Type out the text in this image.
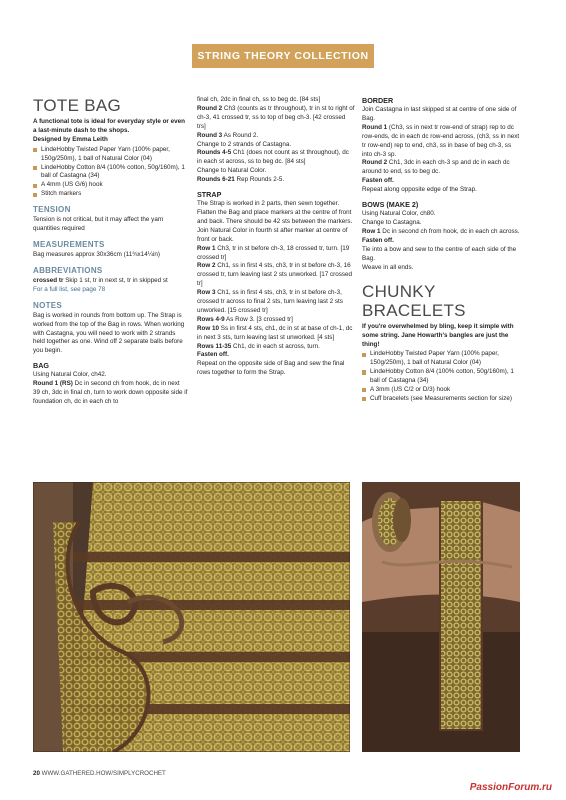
STRING THEORY COLLECTION
TOTE BAG

A functional tote is ideal for everyday style or even a last-minute dash to the shops.

Designed by Emma Leith

LindeHobby Twisted Paper Yarn (100% paper, 150g/250m), 1 ball of Natural Color (04)
LindeHobby Cotton 8/4 (100% cotton, 50g/160m), 1 ball of Castagna (34)
A 4mm (US G/6) hook
Stitch markers
TENSION

Tension is not critical, but it may affect the yarn quantities required

MEASUREMENTS

Bag measures approx 30x36cm (11¾x14¼in)

ABBREVIATIONS

crossed tr Skip 1 st, tr in next st, tr in skipped st

For a full list, see page 78

NOTES

Bag is worked in rounds from bottom up. The Strap is worked from the top of the Bag in rows. When working with Castagna, you will need to work with 2 strands held together as one. Wind off 2 separate balls before you begin.

BAG

Using Natural Color, ch42.

Round 1 (RS) Dc in second ch from hook, dc in next 39 ch, 3dc in final ch, turn to work down opposite side if foundation ch, dc in each ch to

final ch, 2dc in final ch, ss to beg dc. [84 sts]

Round 2 Ch3 (counts as tr throughout), tr in st to right of ch-3, 41 crossed tr, ss to top of beg ch-3. [42 crossed trs]

Round 3 As Round 2.

Change to 2 strands of Castagna.

Rounds 4-5 Ch1 (does not count as st throughout), dc in each st across, ss to beg dc. [84 sts]

Change to Natural Color.

Rounds 6-21 Rep Rounds 2-5.

STRAP

The Strap is worked in 2 parts, then sewn together. Flatten the Bag and place markers at the centre of front and back. There should be 42 sts between the markers.

Join Natural Color in fourth st after marker at centre of front or back.

Row 1 Ch3, tr in st before ch-3, 18 crossed tr, turn. [19 crossed tr]

Row 2 Ch1, ss in first 4 sts, ch3, tr in st before ch-3, 16 crossed tr, turn leaving last 2 sts unworked. [17 crossed tr]

Row 3 Ch1, ss in first 4 sts, ch3, tr in st before ch-3, crossed tr across to final 2 sts, turn leaving last 2 sts unworked. [15 crossed tr]

Rows 4-9 As Row 3. [3 crossed tr]

Row 10 Ss in first 4 sts, ch1, dc in st at base of ch-1, dc in next 3 sts, turn leaving last st unworked. [4 sts]

Rows 11-35 Ch1, dc in each st across, turn.

Fasten off.

Repeat on the opposite side of Bag and sew the final rows together to form the Strap.

BORDER

Join Castagna in last skipped st at centre of one side of Bag.

Round 1 (Ch3, ss in next tr row-end of strap) rep to dc row-ends, dc in each dc row-end across, (ch3, ss in next tr row-end) rep to end, ch3, ss in base of beg ch-3, ss into ch-3 sp.

Round 2 Ch1, 3dc in each ch-3 sp and dc in each dc around to end, ss to beg dc.

Fasten off.

Repeat along opposite edge of the Strap.

BOWS (MAKE 2)

Using Natural Color, ch80.

Change to Castagna.

Row 1 Dc in second ch from hook, dc in each ch across.

Fasten off.

Tie into a bow and sew to the centre of each side of the Bag.

Weave in all ends.

CHUNKY BRACELETS

If you're overwhelmed by bling, keep it simple with some string. Jane Howarth's bangles are just the thing!

LindeHobby Twisted Paper Yarn (100% paper, 150g/250m), 1 ball of Natural Color (04)
LindeHobby Cotton 8/4 (100% cotton, 50g/160m), 1 ball of Castagna (34)
A 3mm (US C/2 or D/3) hook
Cuff bracelets (see Measurements section for size)
20 WWW.GATHERED.HOW/SIMPLYCROCHET
PassionForum.ru
